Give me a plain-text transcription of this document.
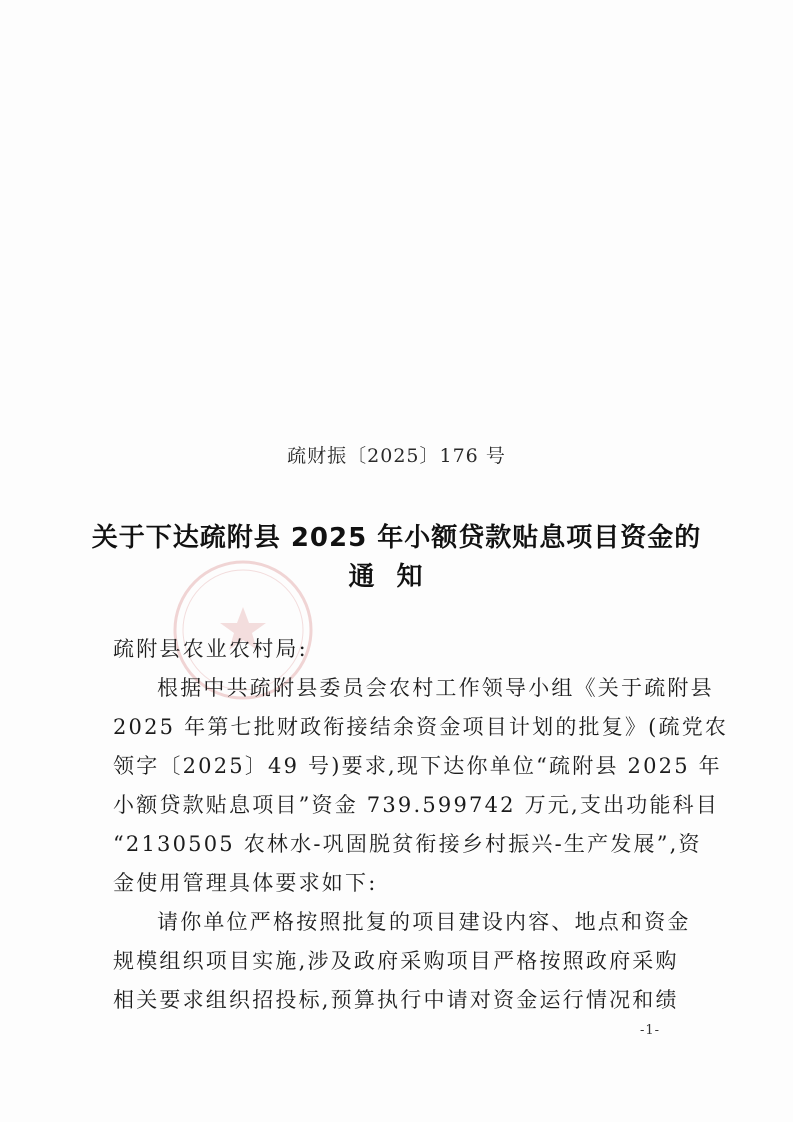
疏财振〔2025〕176 号
关于下达疏附县 2025 年小额贷款贴息项目资金的
通知
疏附县农业农村局:
根据中共疏附县委员会农村工作领导小组《关于疏附县
2025 年第七批财政衔接结余资金项目计划的批复》(疏党农
领字〔2025〕49 号)要求,现下达你单位“疏附县 2025 年
小额贷款贴息项目”资金 739.599742 万元,支出功能科目
“2130505 农林水-巩固脱贫衔接乡村振兴-生产发展”,资
金使用管理具体要求如下:
请你单位严格按照批复的项目建设内容、地点和资金
规模组织项目实施,涉及政府采购项目严格按照政府采购
相关要求组织招投标,预算执行中请对资金运行情况和绩
-1-
